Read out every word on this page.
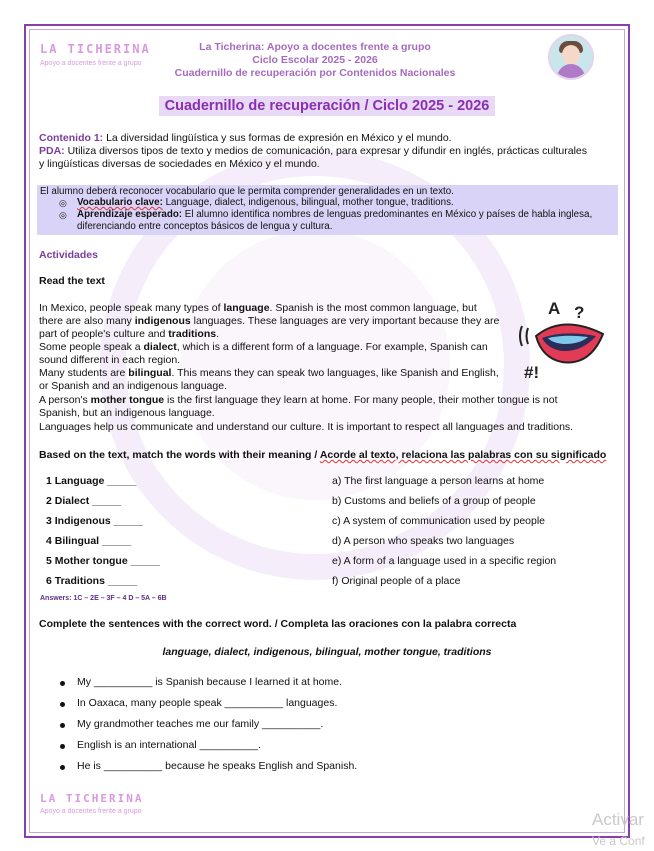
LA TICHERINA
Apoyo a docentes frente a grupo
La Ticherina: Apoyo a docentes frente a grupo
Ciclo Escolar 2025 - 2026
Cuadernillo de recuperación por Contenidos Nacionales
Cuadernillo de recuperación / Ciclo 2025 - 2026
Contenido 1: La diversidad lingüística y sus formas de expresión en México y el mundo.
PDA: Utiliza diversos tipos de texto y medios de comunicación, para expresar y difundir en inglés, prácticas culturales
y lingüísticas diversas de sociedades en México y el mundo.
El alumno deberá reconocer vocabulario que le permita comprender generalidades en un texto.
◎ Vocabulario clave: Language, dialect, indigenous, bilingual, mother tongue, traditions.
◎ Aprendizaje esperado: El alumno identifica nombres de lenguas predominantes en México y países de habla inglesa,
diferenciando entre conceptos básicos de lengua y cultura.
Actividades
Read the text
In Mexico, people speak many types of language. Spanish is the most common language, but
there are also many indigenous languages. These languages are very important because they are
part of people's culture and traditions.
Some people speak a dialect, which is a different form of a language. For example, Spanish can
sound different in each region.
Many students are bilingual. This means they can speak two languages, like Spanish and English,
or Spanish and an indigenous language.
A person's mother tongue is the first language they learn at home. For many people, their mother tongue is not
Spanish, but an indigenous language.
Languages help us communicate and understand our culture. It is important to respect all languages and traditions.
A ?
#!
Based on the text, match the words with their meaning / Acorde al texto, relaciona las palabras con su significado
1 Language _____
2 Dialect _____
3 Indigenous _____
4 Bilingual _____
5 Mother tongue _____
6 Traditions _____
a) The first language a person learns at home
b) Customs and beliefs of a group of people
c) A system of communication used by people
d) A person who speaks two languages
e) A form of a language used in a specific region
f) Original people of a place
Answers: 1C – 2E – 3F – 4 D – 5A – 6B
Complete the sentences with the correct word. / Completa las oraciones con la palabra correcta
language, dialect, indigenous, bilingual, mother tongue, traditions
My __________ is Spanish because I learned it at home.
In Oaxaca, many people speak __________ languages.
My grandmother teaches me our family __________.
English is an international __________.
He is __________ because he speaks English and Spanish.
LA TICHERINA
Apoyo a docentes frente a grupo	Activar
Ve a Conf
